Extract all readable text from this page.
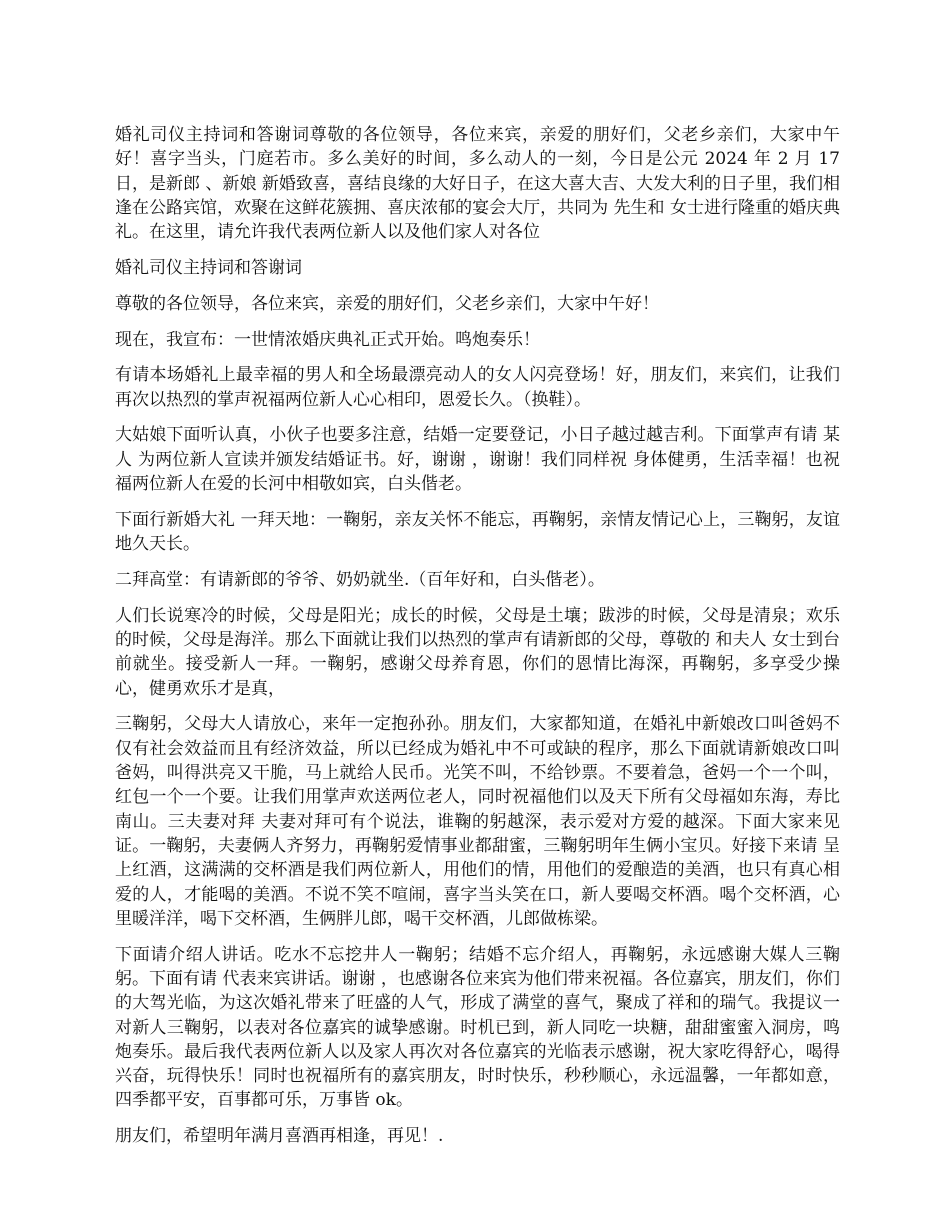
婚礼司仪主持词和答谢词尊敬的各位领导，各位来宾，亲爱的朋好们，父老乡亲们，大家中午好！喜字当头，门庭若市。多么美好的时间，多么动人的一刻，今日是公元 2024 年 2 月 17 日，是新郎 、新娘 新婚致喜，喜结良缘的大好日子，在这大喜大吉、大发大利的日子里，我们相逢在公路宾馆，欢聚在这鲜花簇拥、喜庆浓郁的宴会大厅，共同为 先生和 女士进行隆重的婚庆典礼。在这里，请允许我代表两位新人以及他们家人对各位

婚礼司仪主持词和答谢词

尊敬的各位领导，各位来宾，亲爱的朋好们，父老乡亲们，大家中午好！

现在，我宣布：一世情浓婚庆典礼正式开始。鸣炮奏乐！

有请本场婚礼上最幸福的男人和全场最漂亮动人的女人闪亮登场！好，朋友们，来宾们，让我们再次以热烈的掌声祝福两位新人心心相印，恩爱长久。（换鞋）。

大姑娘下面听认真，小伙子也要多注意，结婚一定要登记，小日子越过越吉利。下面掌声有请 某人 为两位新人宣读并颁发结婚证书。好，谢谢 ，谢谢！我们同样祝 身体健勇，生活幸福！也祝福两位新人在爱的长河中相敬如宾，白头偕老。

下面行新婚大礼 一拜天地：一鞠躬，亲友关怀不能忘，再鞠躬，亲情友情记心上，三鞠躬，友谊地久天长。

二拜高堂：有请新郎的爷爷、奶奶就坐.（百年好和，白头偕老）。

人们长说寒冷的时候，父母是阳光；成长的时候，父母是土壤；跋涉的时候，父母是清泉；欢乐的时候，父母是海洋。那么下面就让我们以热烈的掌声有请新郎的父母，尊敬的 和夫人 女士到台前就坐。接受新人一拜。一鞠躬，感谢父母养育恩，你们的恩情比海深，再鞠躬，多享受少操心，健勇欢乐才是真，

三鞠躬，父母大人请放心，来年一定抱孙孙。朋友们，大家都知道，在婚礼中新娘改口叫爸妈不仅有社会效益而且有经济效益，所以已经成为婚礼中不可或缺的程序，那么下面就请新娘改口叫爸妈，叫得洪亮又干脆，马上就给人民币。光笑不叫，不给钞票。不要着急，爸妈一个一个叫，红包一个一个要。让我们用掌声欢送两位老人，同时祝福他们以及天下所有父母福如东海，寿比南山。三夫妻对拜 夫妻对拜可有个说法，谁鞠的躬越深，表示爱对方爱的越深。下面大家来见证。一鞠躬，夫妻俩人齐努力，再鞠躬爱情事业都甜蜜，三鞠躬明年生俩小宝贝。好接下来请 呈上红酒，这满满的交杯酒是我们两位新人，用他们的情，用他们的爱酿造的美酒，也只有真心相爱的人，才能喝的美酒。不说不笑不喧闹，喜字当头笑在口，新人要喝交杯酒。喝个交杯酒，心里暖洋洋，喝下交杯酒，生俩胖儿郎，喝干交杯酒，儿郎做栋梁。

下面请介绍人讲话。吃水不忘挖井人一鞠躬；结婚不忘介绍人，再鞠躬，永远感谢大媒人三鞠躬。下面有请 代表来宾讲话。谢谢 ，也感谢各位来宾为他们带来祝福。各位嘉宾，朋友们，你们的大驾光临，为这次婚礼带来了旺盛的人气，形成了满堂的喜气，聚成了祥和的瑞气。我提议一对新人三鞠躬，以表对各位嘉宾的诚挚感谢。时机已到，新人同吃一块糖，甜甜蜜蜜入洞房，鸣炮奏乐。最后我代表两位新人以及家人再次对各位嘉宾的光临表示感谢，祝大家吃得舒心，喝得兴奋，玩得快乐！同时也祝福所有的嘉宾朋友，时时快乐，秒秒顺心，永远温馨，一年都如意，四季都平安，百事都可乐，万事皆 ok。

朋友们，希望明年满月喜酒再相逢，再见！.
